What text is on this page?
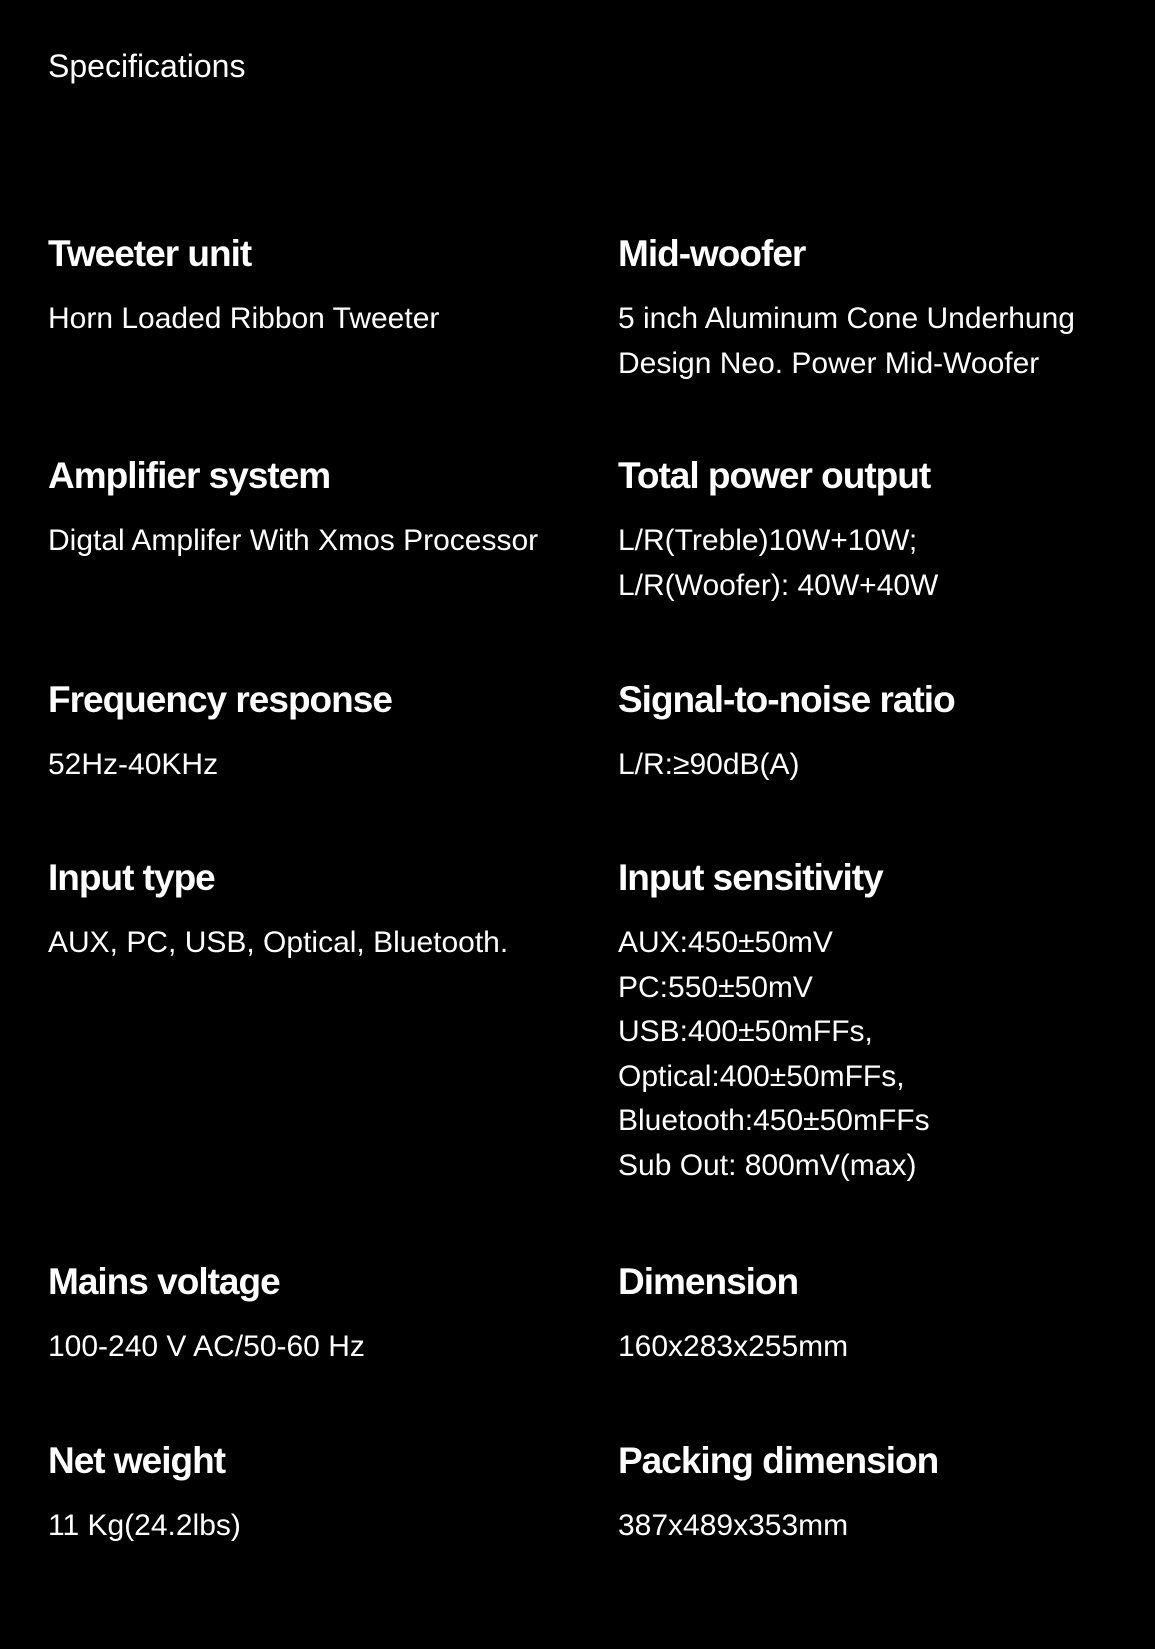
Specifications
Tweeter unit
Horn Loaded Ribbon Tweeter
Mid-woofer
5 inch Aluminum Cone Underhung
Design Neo. Power Mid-Woofer
Amplifier system
Digtal Amplifer With Xmos Processor
Total power output
L/R(Treble)10W+10W;
L/R(Woofer): 40W+40W
Frequency response
52Hz-40KHz
Signal-to-noise ratio
L/R:≥90dB(A)
Input type
AUX, PC, USB, Optical, Bluetooth.
Input sensitivity
AUX:450±50mV
PC:550±50mV
USB:400±50mFFs,
Optical:400±50mFFs,
Bluetooth:450±50mFFs
Sub Out: 800mV(max)
Mains voltage
100-240 V AC/50-60 Hz
Dimension
160x283x255mm
Net weight
11 Kg(24.2lbs)
Packing dimension
387x489x353mm
